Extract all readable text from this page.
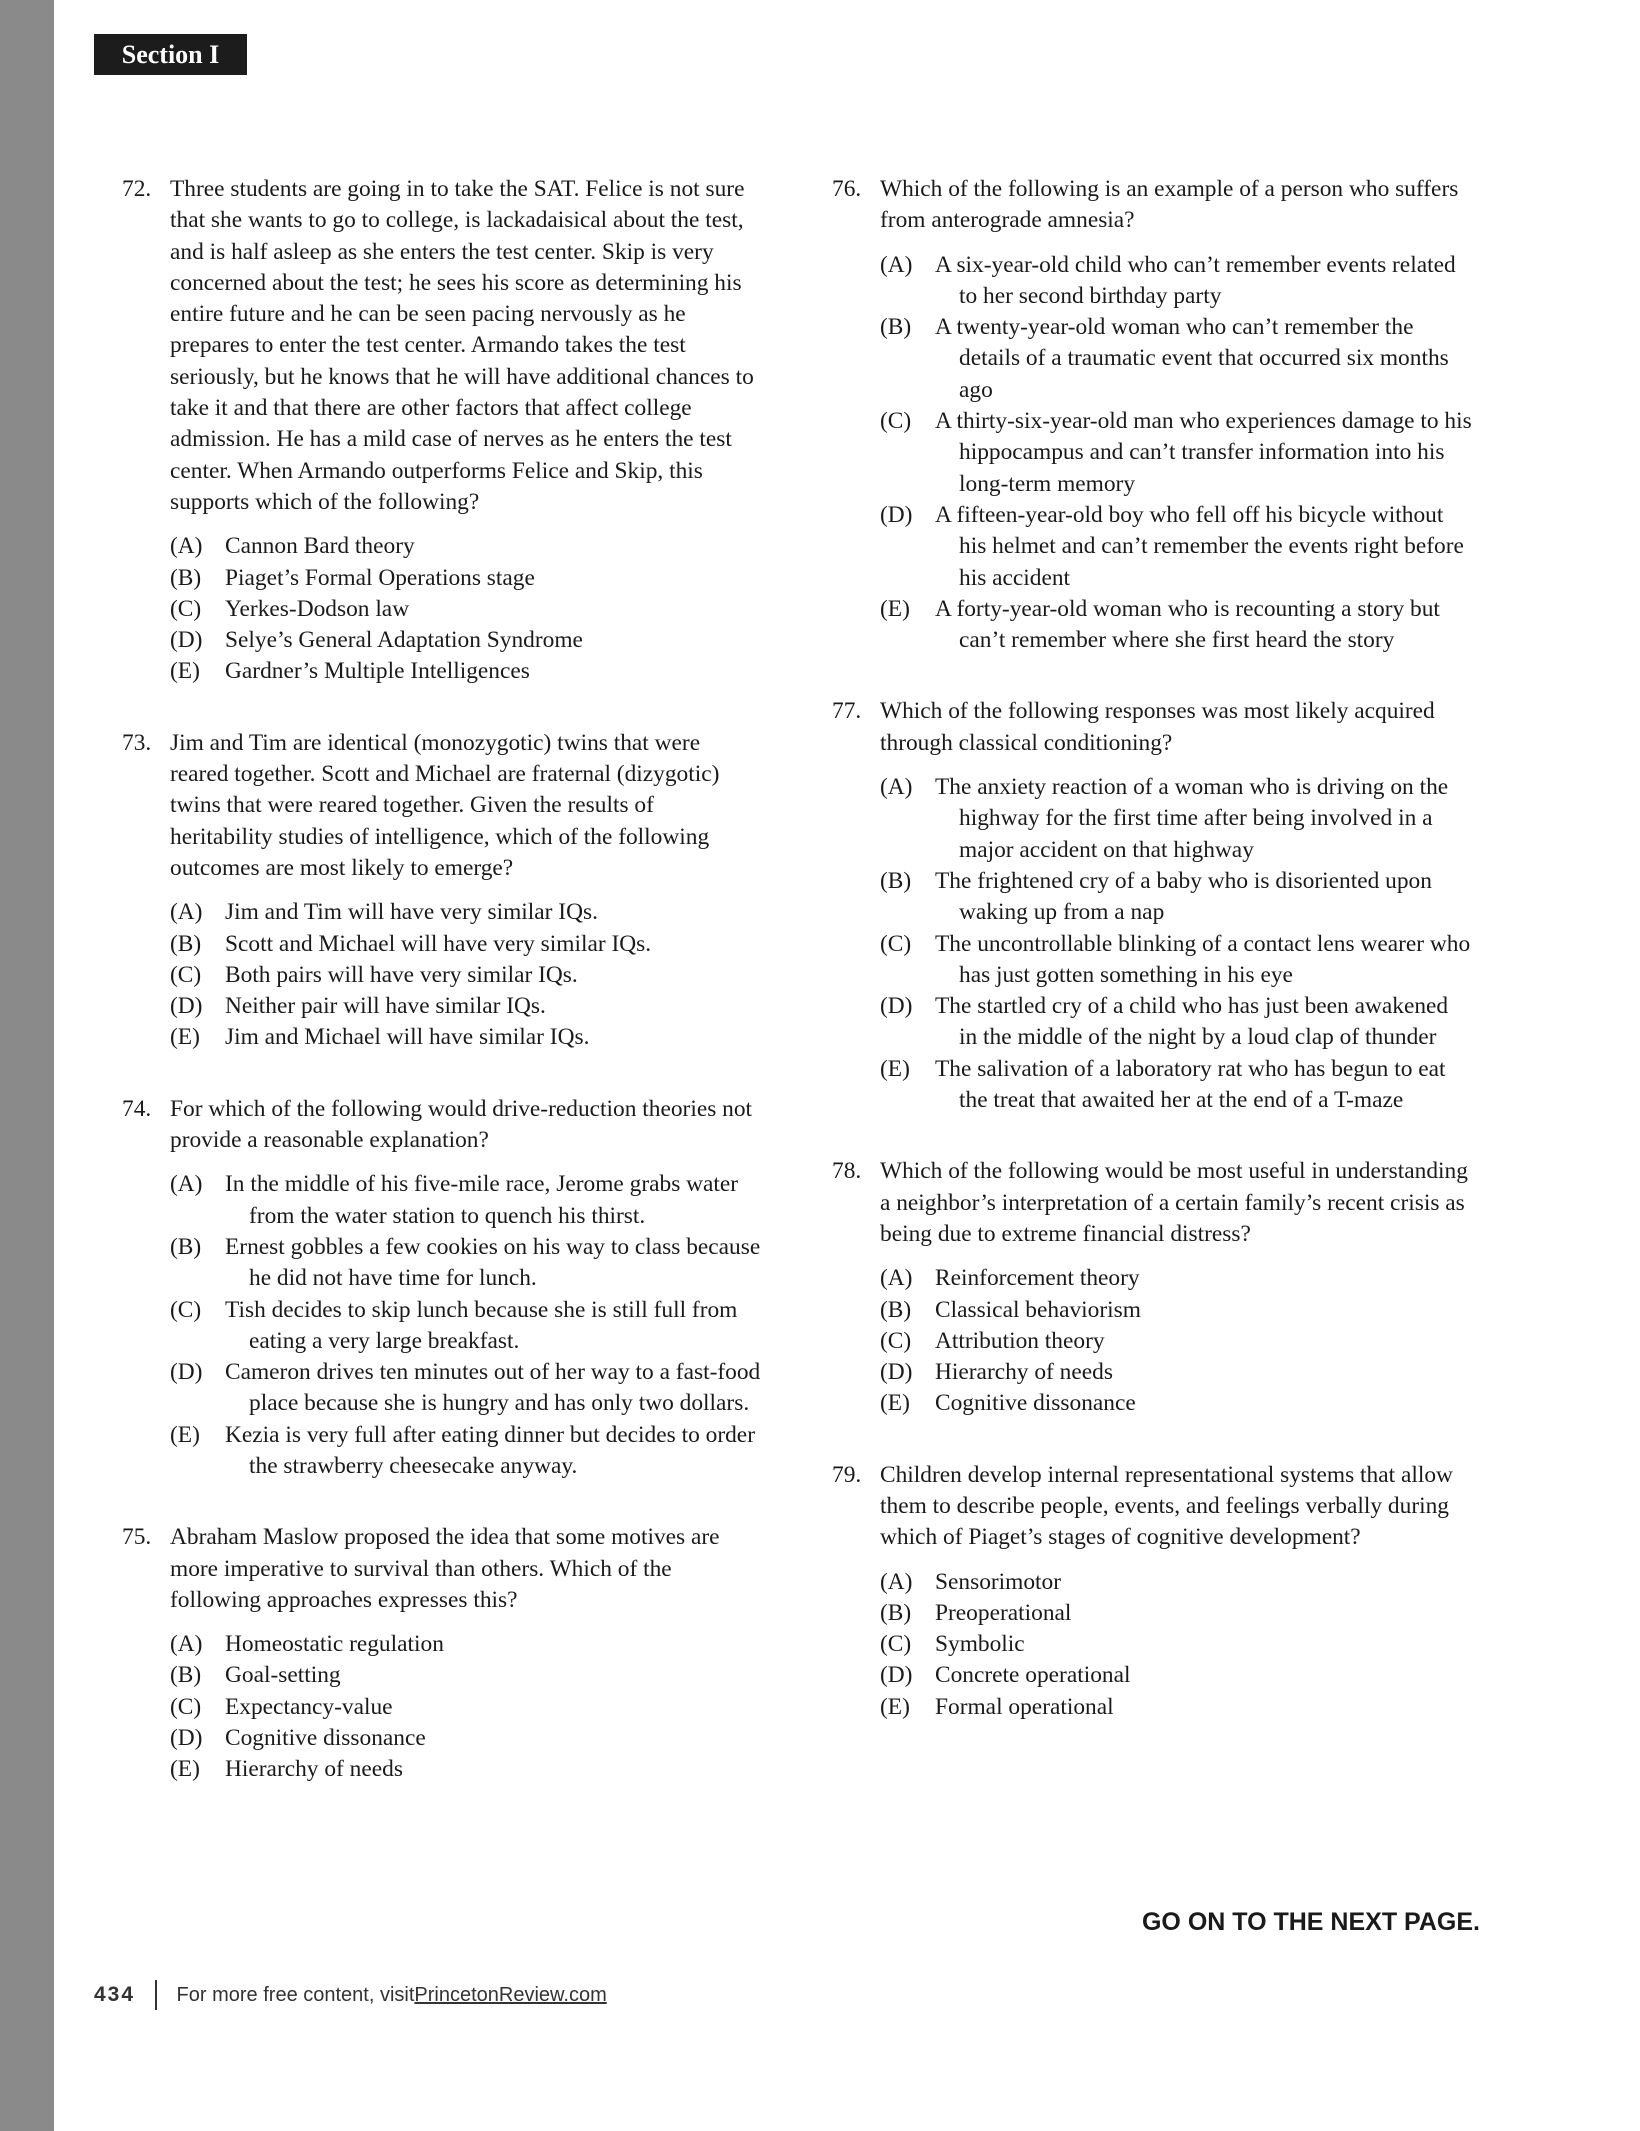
Section I
72. Three students are going in to take the SAT. Felice is not sure that she wants to go to college, is lackadaisical about the test, and is half asleep as she enters the test center. Skip is very concerned about the test; he sees his score as determining his entire future and he can be seen pacing nervously as he prepares to enter the test center. Armando takes the test seriously, but he knows that he will have additional chances to take it and that there are other factors that affect college admission. He has a mild case of nerves as he enters the test center. When Armando outperforms Felice and Skip, this supports which of the following?
(A) Cannon Bard theory
(B)	Piaget’s Formal Operations stage
(C)	Yerkes-Dodson law
(D) Selye’s General Adaptation Syndrome
(E)	Gardner’s Multiple Intelligences
73. Jim and Tim are identical (monozygotic) twins that were reared together. Scott and Michael are fraternal (dizygotic) twins that were reared together. Given the results of heritability studies of intelligence, which of the following outcomes are most likely to emerge?
(A) Jim and Tim will have very similar IQs.
(B)	Scott and Michael will have very similar IQs.
(C)	Both pairs will have very similar IQs.
(D) Neither pair will have similar IQs.
(E)	Jim and Michael will have similar IQs.
74. For which of the following would drive-reduction theories not provide a reasonable explanation?
(A) In the middle of his five-mile race, Jerome grabs water from the water station to quench his thirst.
(B)	Ernest gobbles a few cookies on his way to class because he did not have time for lunch.
(C)	Tish decides to skip lunch because she is still full from eating a very large breakfast.
(D) Cameron drives ten minutes out of her way to a fast-food place because she is hungry and has only two dollars.
(E)	Kezia is very full after eating dinner but decides to order the strawberry cheesecake anyway.
75. Abraham Maslow proposed the idea that some motives are more imperative to survival than others. Which of the following approaches expresses this?
(A) Homeostatic regulation
(B)	Goal-setting
(C)	Expectancy-value
(D) Cognitive dissonance
(E)	Hierarchy of needs
76. Which of the following is an example of a person who suffers from anterograde amnesia?
(A) A six-year-old child who can’t remember events related to her second birthday party
(B)	A twenty-year-old woman who can’t remember the details of a traumatic event that occurred six months ago
(C)	A thirty-six-year-old man who experiences damage to his hippocampus and can’t transfer information into his long-term memory
(D) A fifteen-year-old boy who fell off his bicycle without his helmet and can’t remember the events right before his accident
(E)	A forty-year-old woman who is recounting a story but can’t remember where she first heard the story
77. Which of the following responses was most likely acquired through classical conditioning?
(A) The anxiety reaction of a woman who is driving on the highway for the first time after being involved in a major accident on that highway
(B)	The frightened cry of a baby who is disoriented upon waking up from a nap
(C)	The uncontrollable blinking of a contact lens wearer who has just gotten something in his eye
(D) The startled cry of a child who has just been awakened in the middle of the night by a loud clap of thunder
(E)	The salivation of a laboratory rat who has begun to eat the treat that awaited her at the end of a T-maze
78. Which of the following would be most useful in understanding a neighbor’s interpretation of a certain family’s recent crisis as being due to extreme financial distress?
(A) Reinforcement theory
(B)	Classical behaviorism
(C)	Attribution theory
(D) Hierarchy of needs
(E)	Cognitive dissonance
79. Children develop internal representational systems that allow them to describe people, events, and feelings verbally during which of Piaget’s stages of cognitive development?
(A) Sensorimotor
(B)	Preoperational
(C)	Symbolic
(D) Concrete operational
(E)	Formal operational
GO ON TO THE NEXT PAGE.
434 For more free content, visit PrincetonReview.com
